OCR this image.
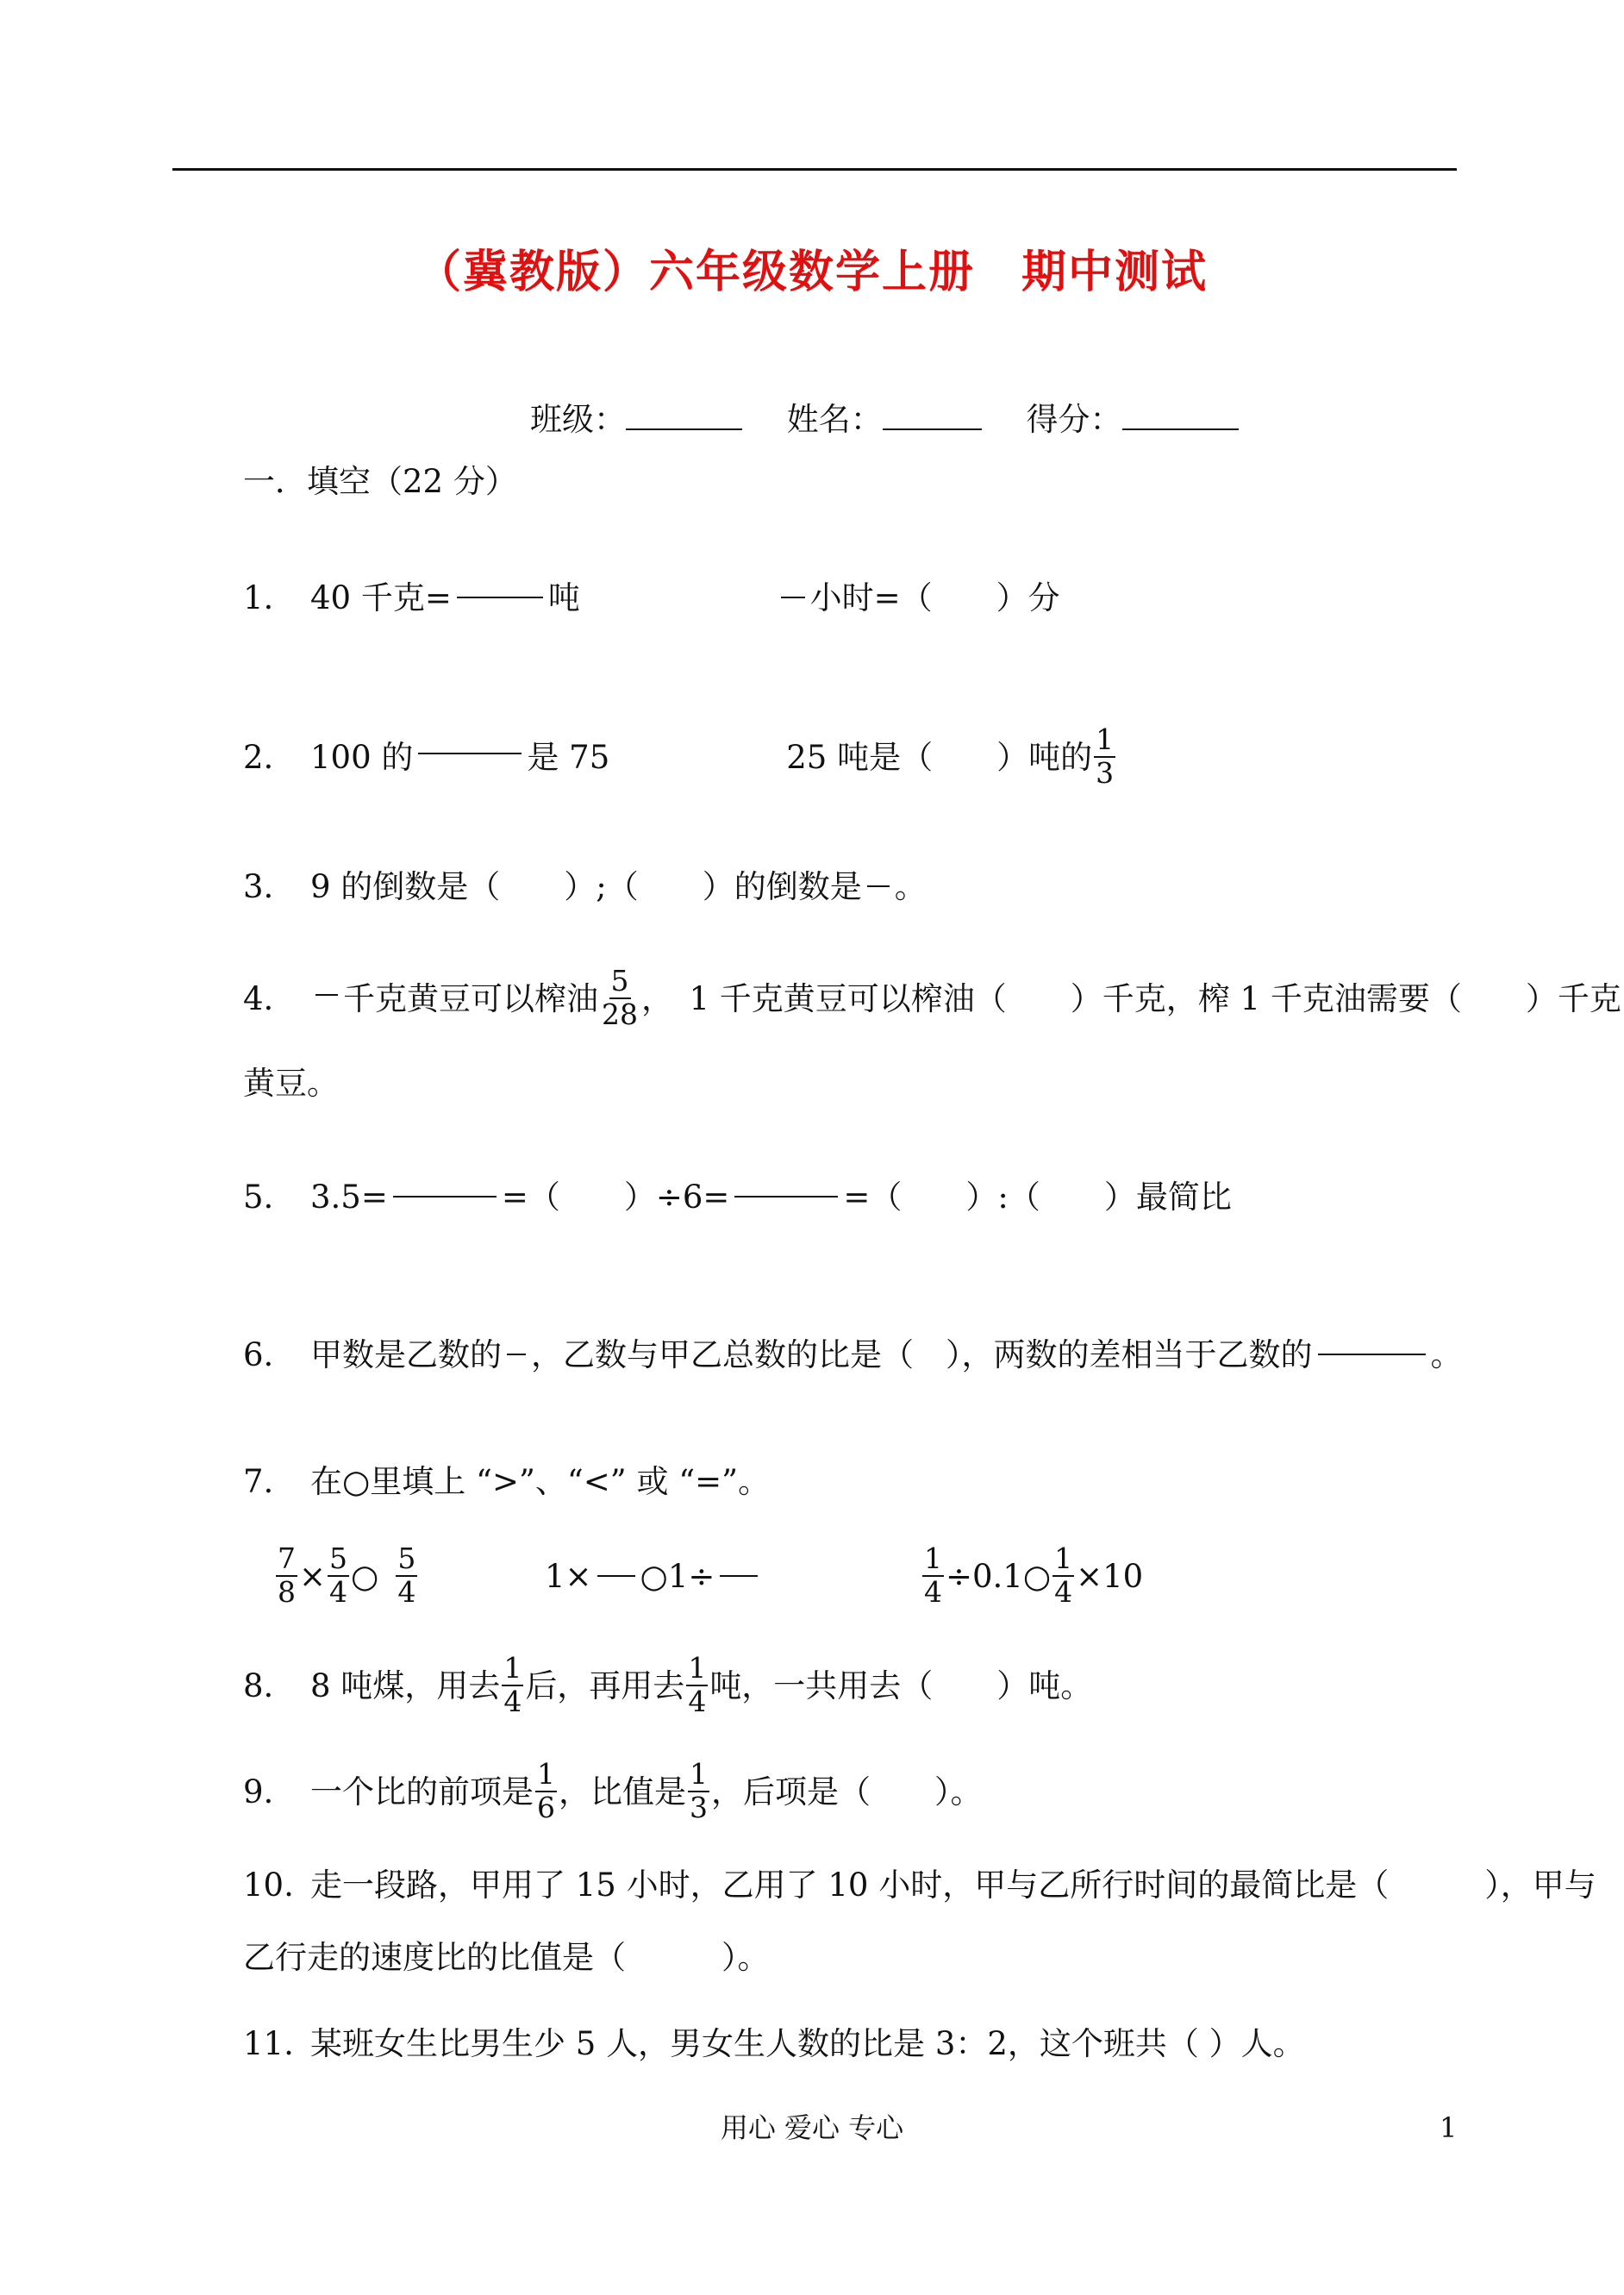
（冀教版）六年级数学上册　期中测试
班级：	姓名：	得分：
一．填空（22 分）
1. 40 千克=	吨	小时=（　　）分
2.	100 的	是 75	25 吨是（　　）吨的 $\frac{1}{3}$
3. 9 的倒数是（　　）;（　　）的倒数是 。
4.	千克黄豆可以榨油 $\frac{5}{28}$ ，　1 千克黄豆可以榨油（　　）千克，榨 1 千克油需要（　　）千克
黄豆。
5. 3.5=	=（　　）÷6=	=（　　）:（　　）最简比
6. 甲数是乙数的 ，乙数与甲乙总数的比是（　），两数的差相当于乙数的	。
7. 在○里填上 “>”、“<” 或 “=”。
$\frac{7}{8} \times \frac{5}{4}$ ○ $\frac{5}{4}$	1× ○1÷	$\frac{1}{4}$ ÷0.1○ $\frac{1}{4} \times 10$
8.	8 吨煤，用去 $\frac{1}{4}$ 后，再用去 $\frac{1}{4}$ 吨，一共用去（　　）吨。
9.	一个比的前项是 $\frac{1}{6}$ ，比值是 $\frac{1}{3}$ ，后项是（　　）。
10. 走一段路，甲用了 15 小时，乙用了 10 小时，甲与乙所行时间的最简比是（　　　），甲与
乙行走的速度比的比值是（　　　）。
11. 某班女生比男生少 5 人，男女生人数的比是 3：2，这个班共（ ）人。
用心 爱心 专心	1
